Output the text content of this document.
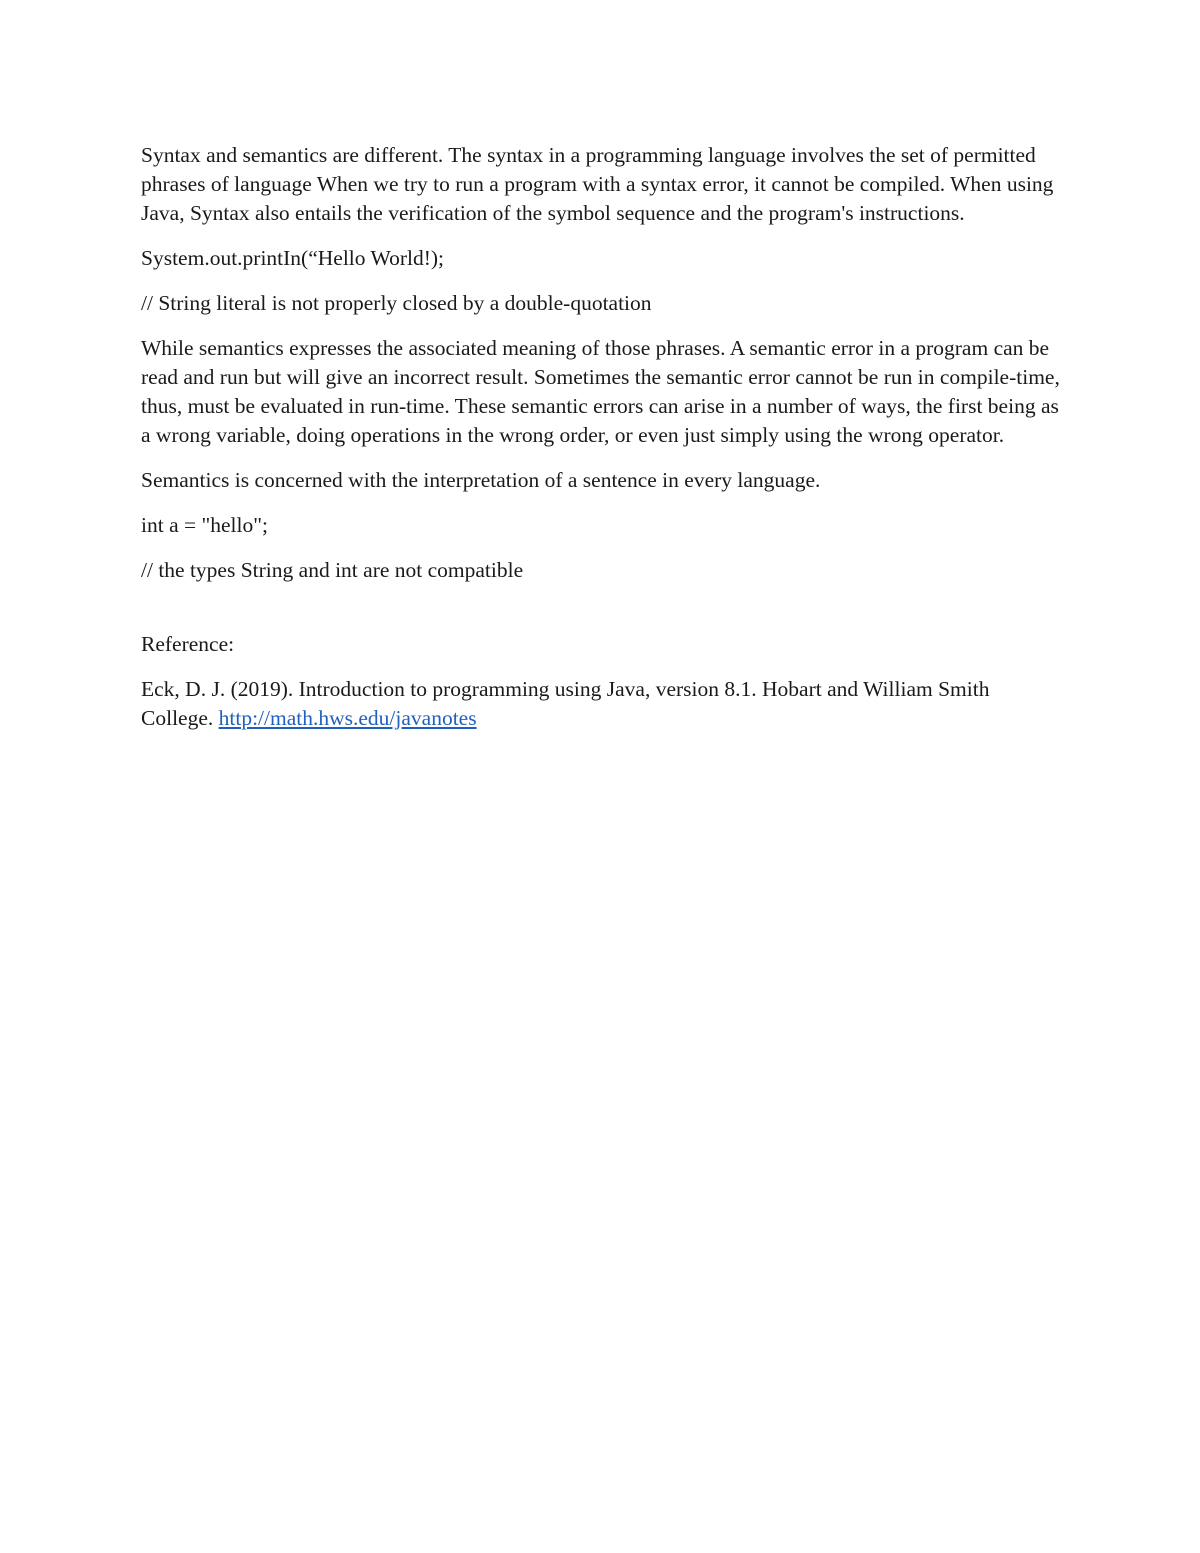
Syntax and semantics are different. The syntax in a programming language involves the set of permitted phrases of language When we try to run a program with a syntax error, it cannot be compiled. When using Java, Syntax also entails the verification of the symbol sequence and the program's instructions.

System.out.printIn(“Hello World!);

// String literal is not properly closed by a double-quotation

While semantics expresses the associated meaning of those phrases. A semantic error in a program can be read and run but will give an incorrect result. Sometimes the semantic error cannot be run in compile-time, thus, must be evaluated in run-time. These semantic errors can arise in a number of ways, the first being as a wrong variable, doing operations in the wrong order, or even just simply using the wrong operator.

Semantics is concerned with the interpretation of a sentence in every language.

int a = "hello";

// the types String and int are not compatible

Reference:

Eck, D. J. (2019). Introduction to programming using Java, version 8.1. Hobart and William Smith College. http://math.hws.edu/javanotes
